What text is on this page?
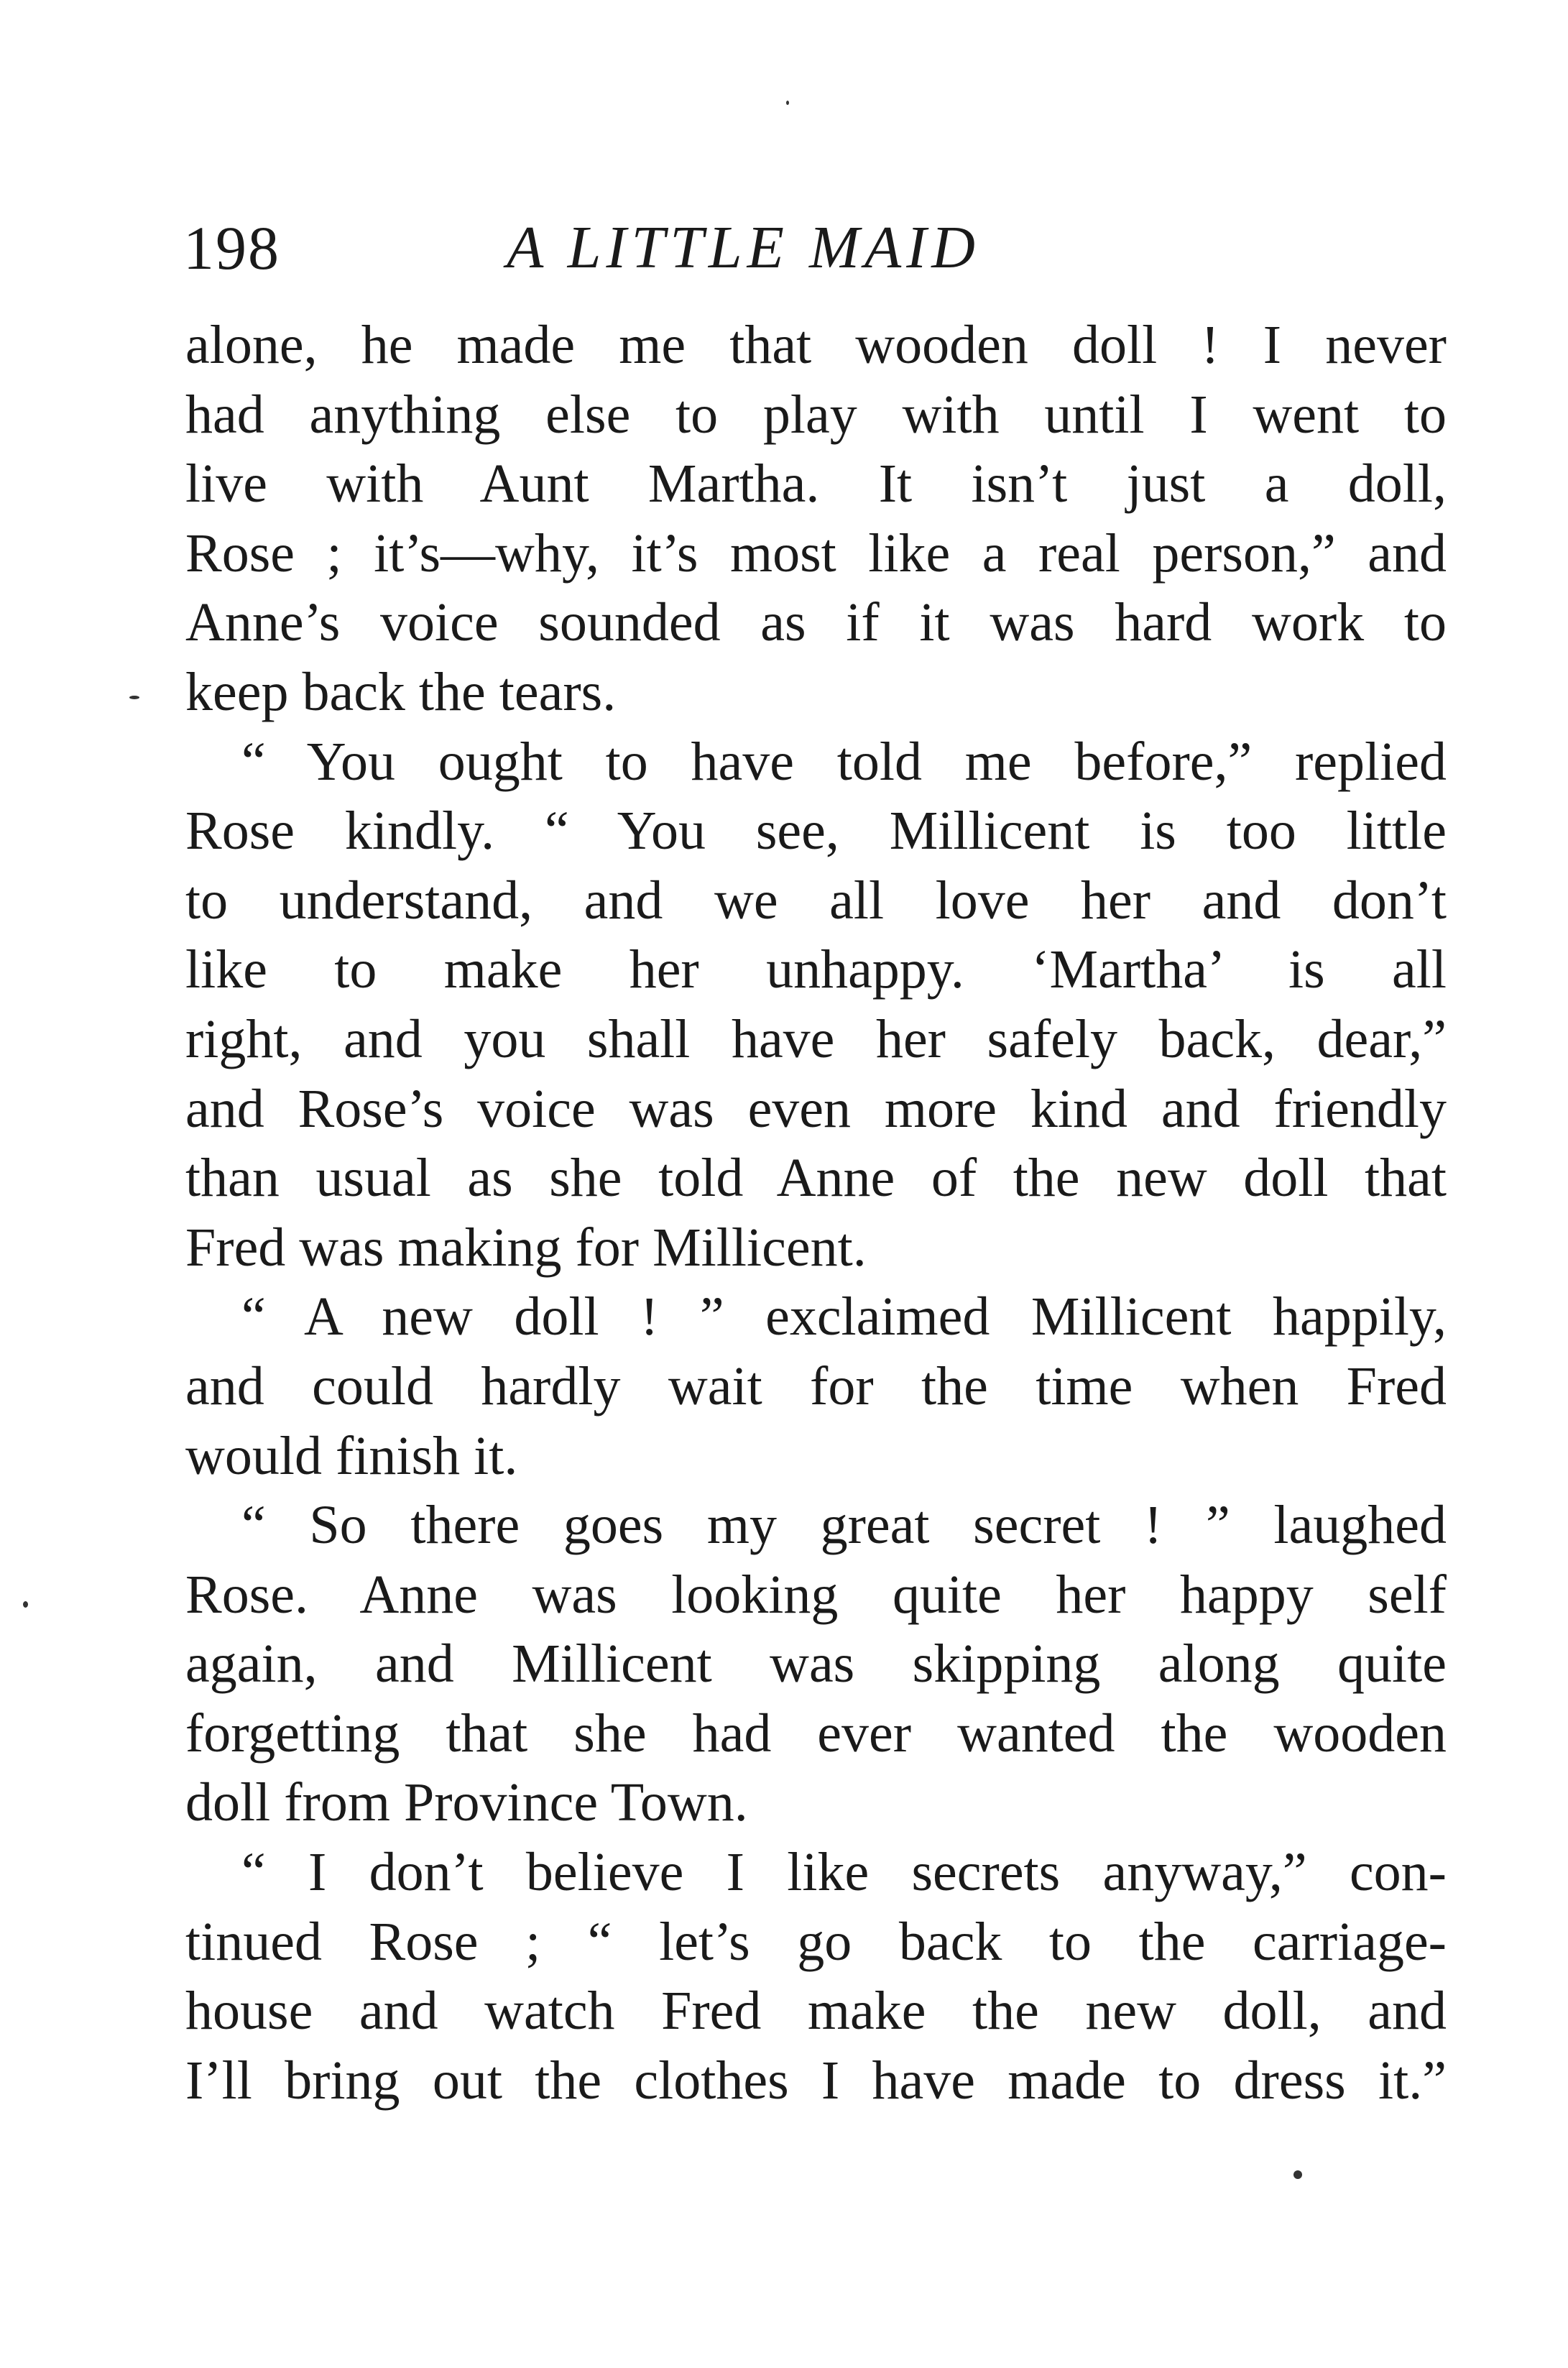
198	A LITTLE MAID
alone, he made me that wooden doll ! I never
had anything else to play with until I went to
live with Aunt Martha. It isn’t just a doll,
Rose ; it’s—why, it’s most like a real person,” and
Anne’s voice sounded as if it was hard work to
keep back the tears.
“ You ought to have told me before,” replied
Rose kindly. “ You see, Millicent is too little
to understand, and we all love her and don’t
like to make her unhappy. ‘Martha’ is all
right, and you shall have her safely back, dear,”
and Rose’s voice was even more kind and friendly
than usual as she told Anne of the new doll that
Fred was making for Millicent.
“ A new doll ! ” exclaimed Millicent happily,
and could hardly wait for the time when Fred
would finish it.
“ So there goes my great secret ! ” laughed
Rose. Anne was looking quite her happy self
again, and Millicent was skipping along quite
forgetting that she had ever wanted the wooden
doll from Province Town.
“ I don’t believe I like secrets anyway,” con-
tinued Rose ; “ let’s go back to the carriage-
house and watch Fred make the new doll, and
I’ll bring out the clothes I have made to dress it.”
